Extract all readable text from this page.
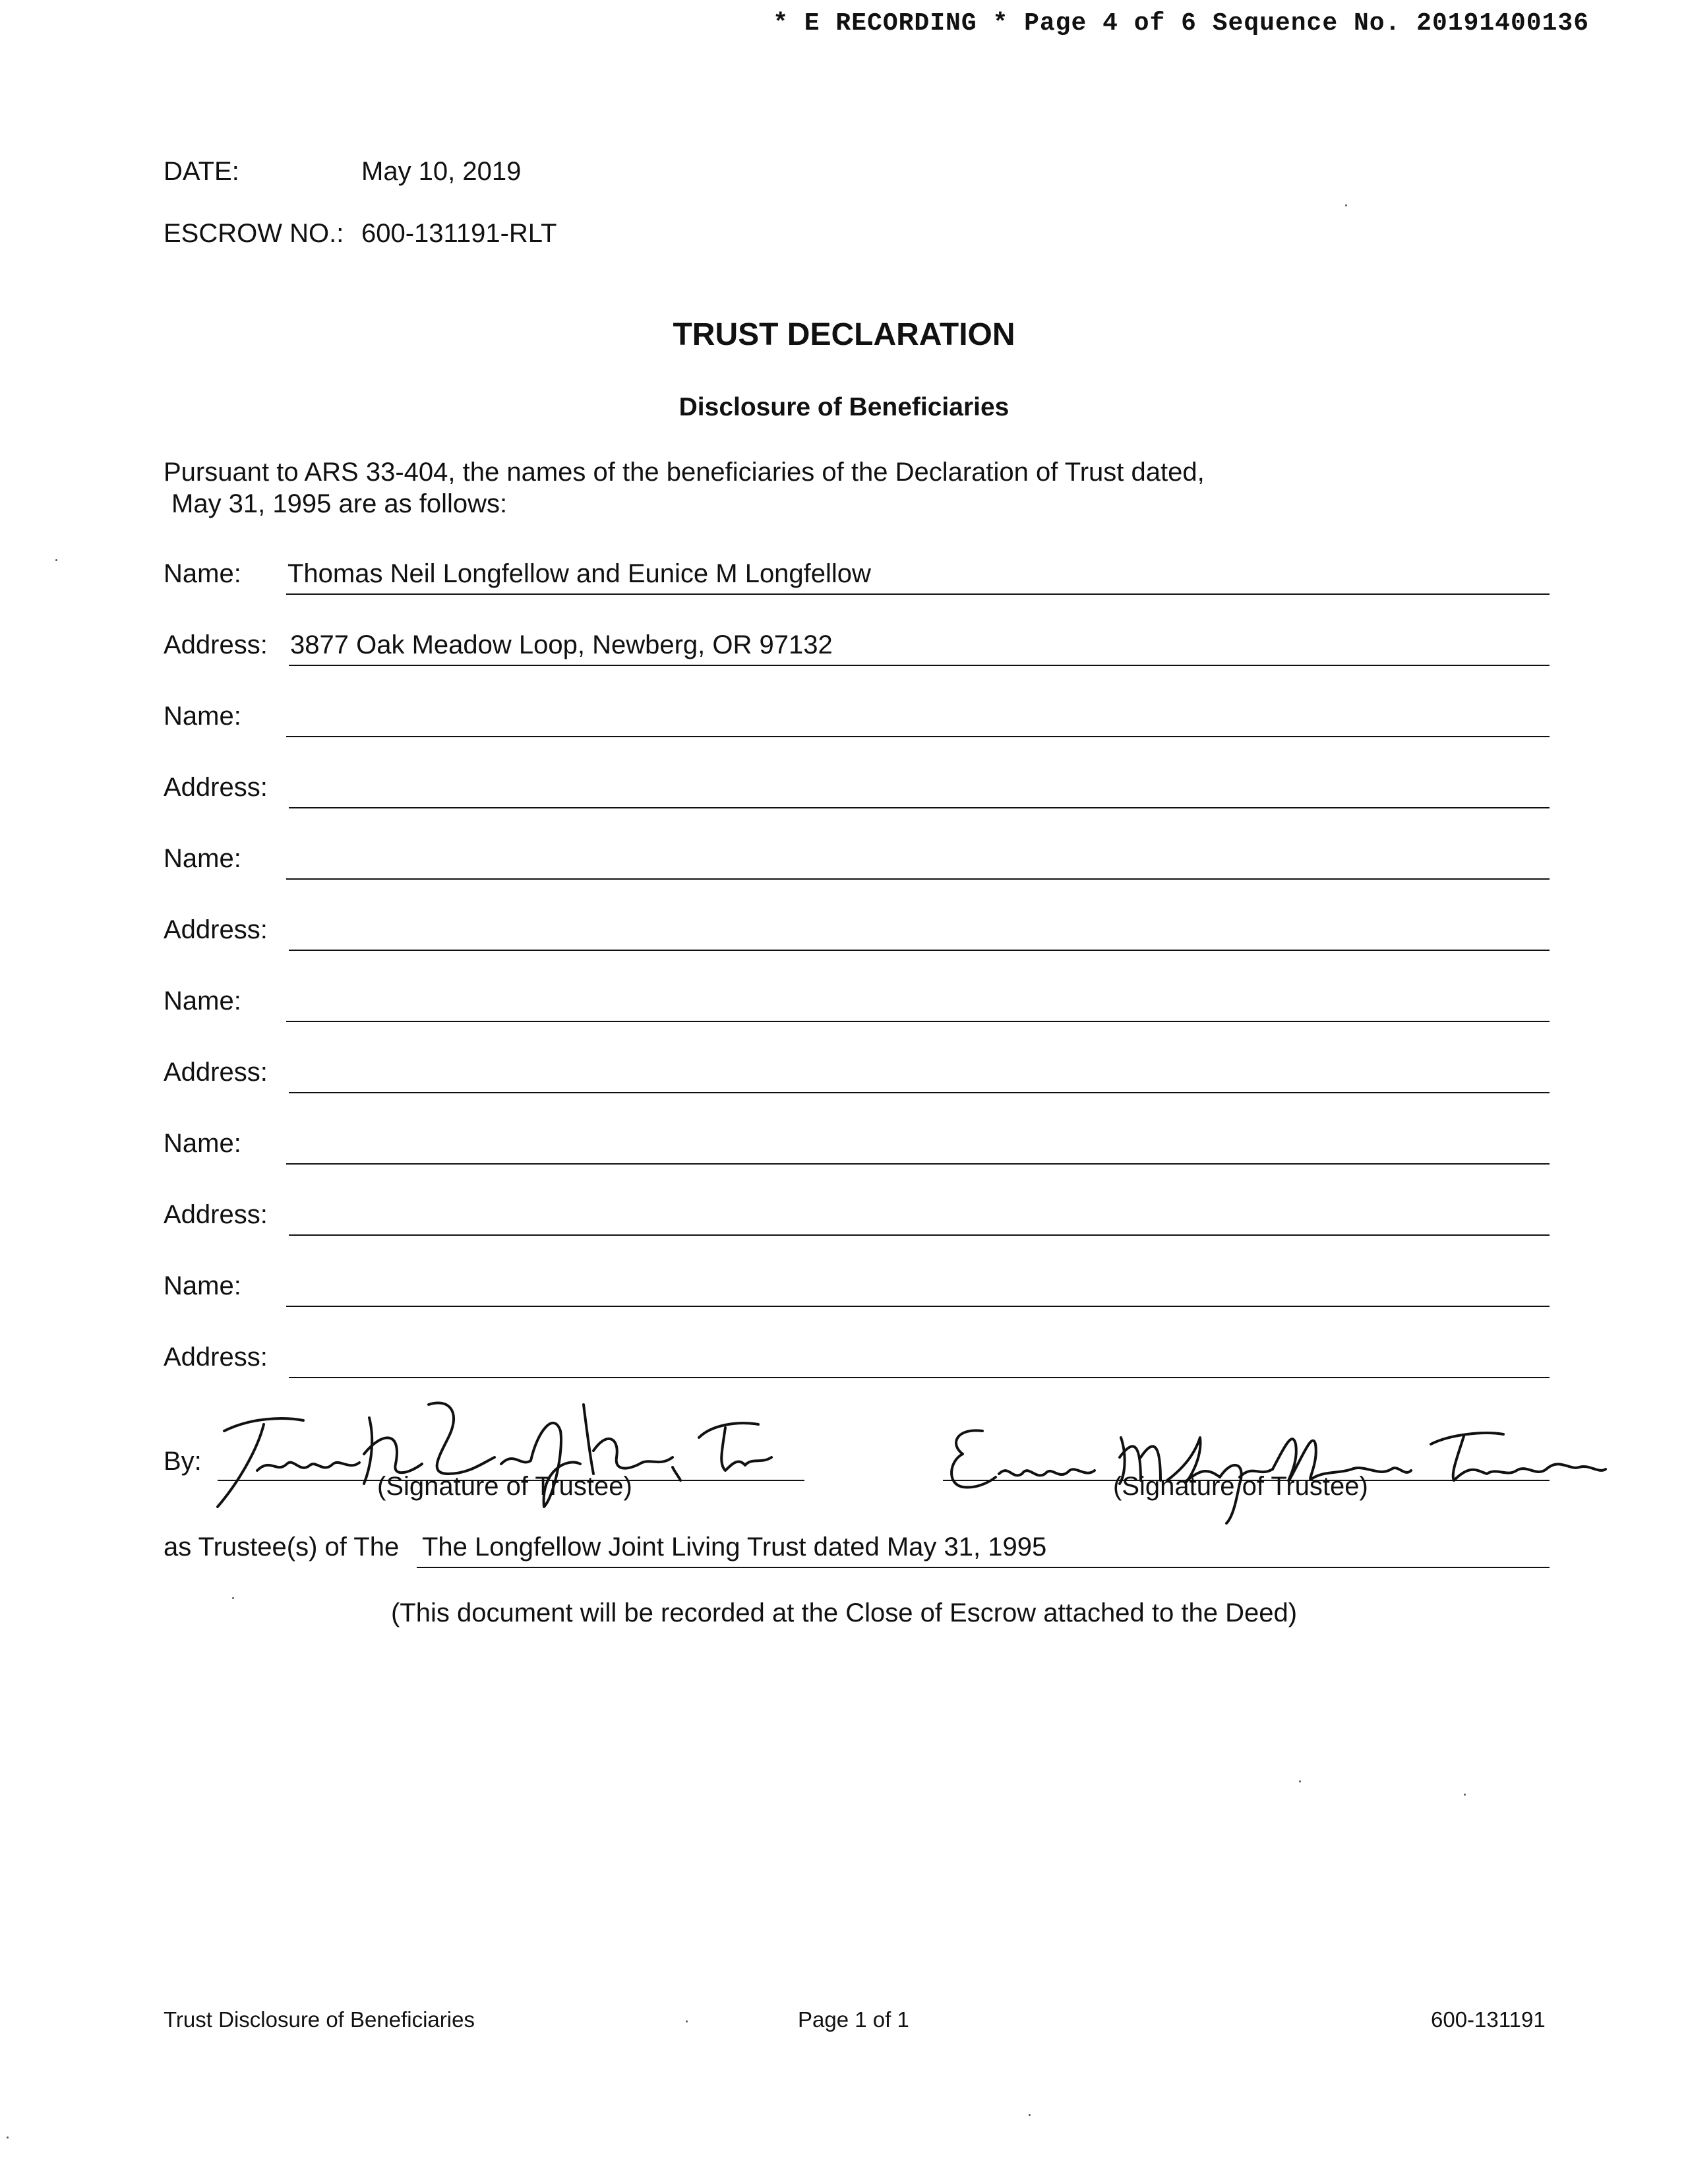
* E RECORDING * Page 4 of 6 Sequence No. 20191400136
DATE:	May 10, 2019
ESCROW NO.: 600-131191-RLT
TRUST DECLARATION
Disclosure of Beneficiaries
Pursuant to ARS 33-404, the names of the beneficiaries of the Declaration of Trust dated,
May 31, 1995 are as follows:
Name: Thomas Neil Longfellow and Eunice M Longfellow
Address: 3877 Oak Meadow Loop, Newberg, OR 97132
Name:
Address:
Name:
Address:
Name:
Address:
Name:
Address:
Name:
Address:
By:
(Signature of Trustee)	(Signature of Trustee)
as Trustee(s) of The The Longfellow Joint Living Trust dated May 31, 1995
(This document will be recorded at the Close of Escrow attached to the Deed)
Trust Disclosure of Beneficiaries	Page 1 of 1	600-131191
